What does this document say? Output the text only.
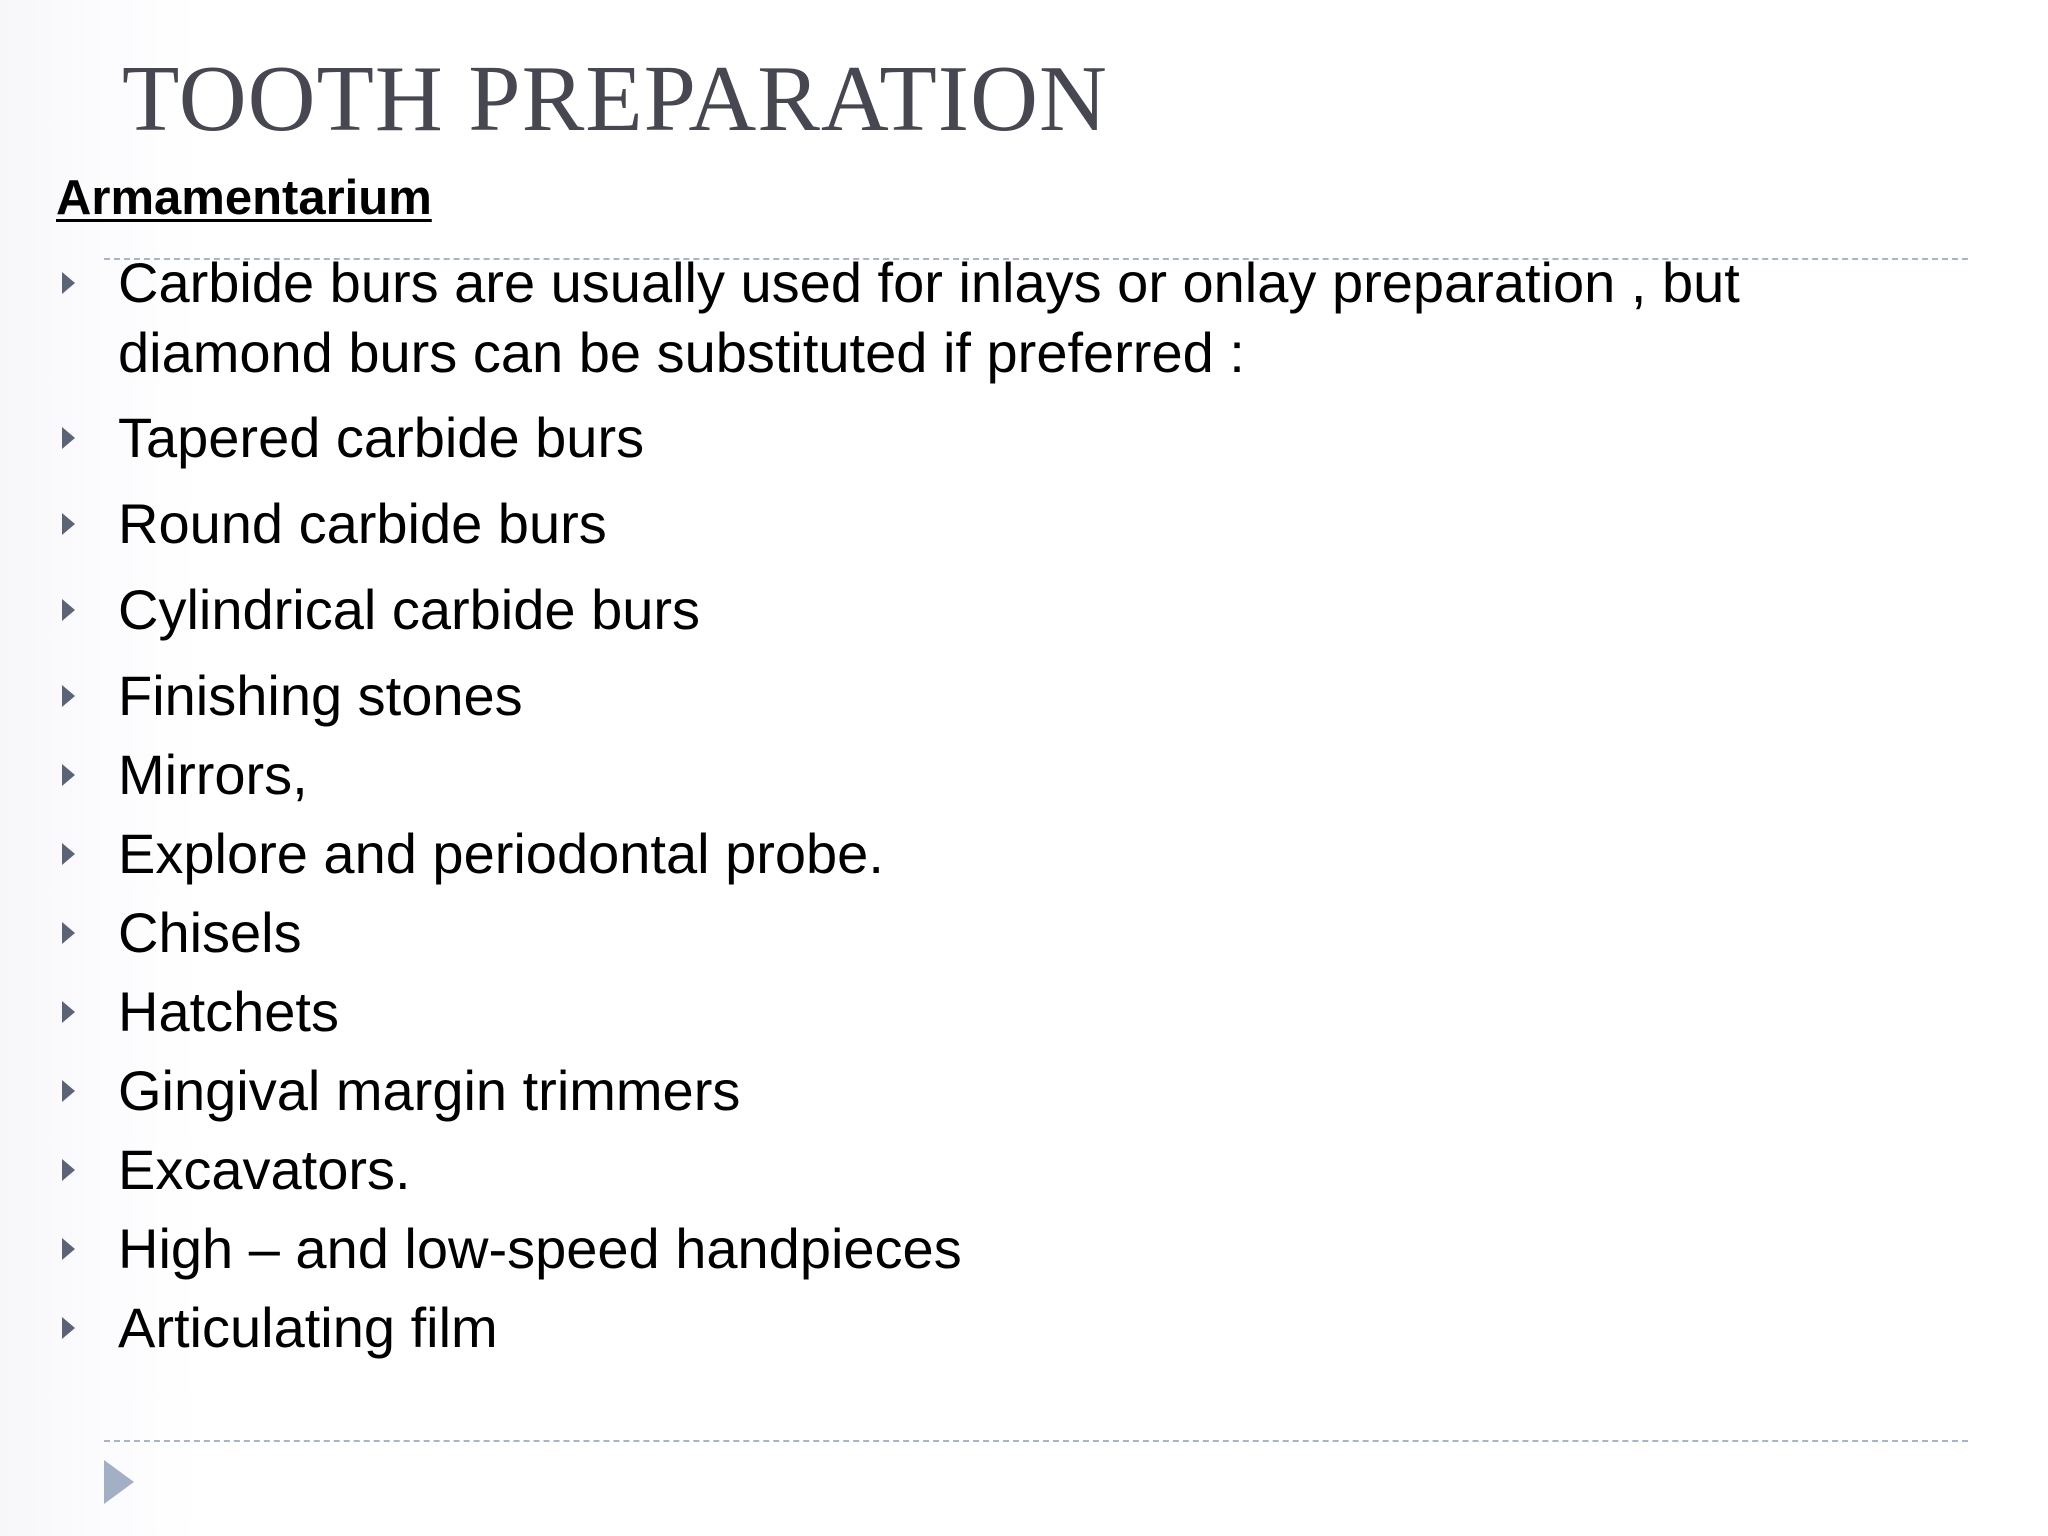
TOOTH PREPARATION
Armamentarium
Carbide burs are usually used for inlays or onlay preparation , but diamond burs can be substituted if preferred :
Tapered carbide burs
Round carbide burs
Cylindrical carbide burs
Finishing stones
Mirrors,
Explore and periodontal probe.
Chisels
Hatchets
Gingival margin trimmers
Excavators.
High – and low-speed handpieces
Articulating film
